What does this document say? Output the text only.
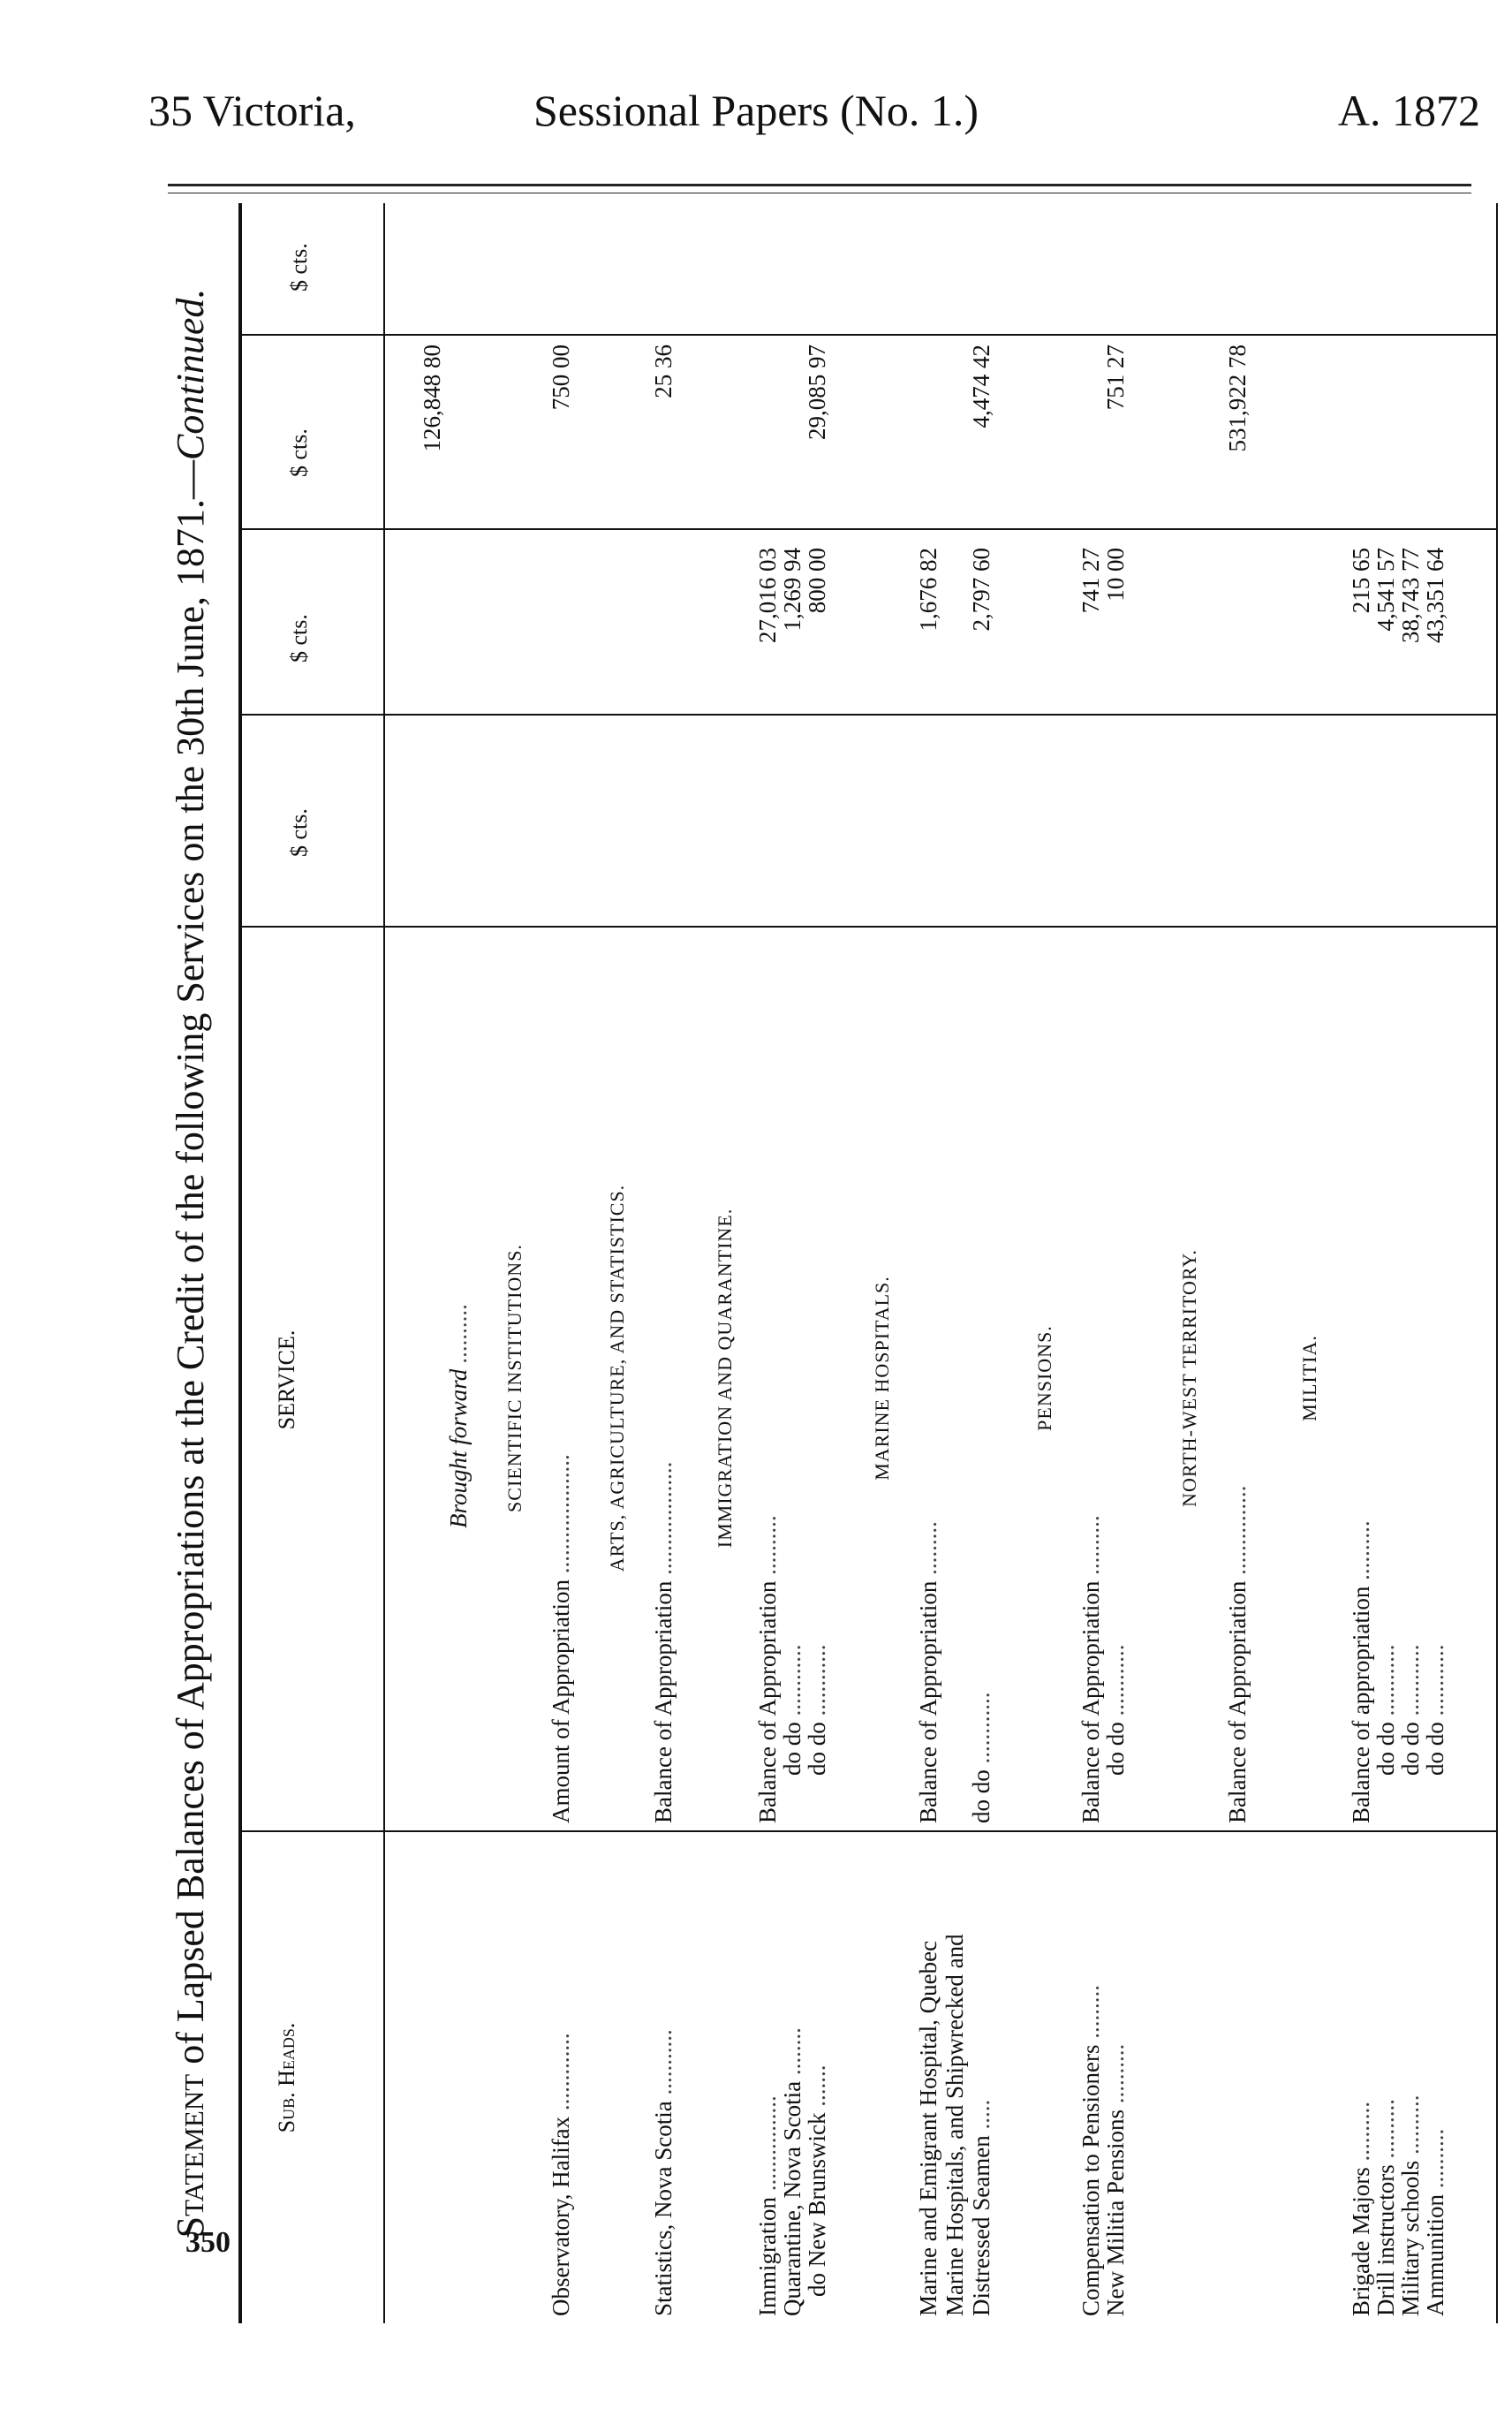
35 Victoria,	Sessional Papers (No. 1.)	A. 1872
Statement of Lapsed Balances of Appropriations at the Credit of the following Services on the 30th June, 1871.—Continued.
Sub. Heads.
SERVICE.
$ cts.
$ cts.
$ cts.
$ cts.
Brought forward ..........
126,848 80
SCIENTIFIC INSTITUTIONS.
Observatory, Halifax .............
Amount of Appropriation ....................
750 00
ARTS, AGRICULTURE, AND STATISTICS.
Statistics, Nova Scotia ...........
Balance of Appropriation ...................
25 36
IMMIGRATION AND QUARANTINE.
Immigration ................
Balance of Appropriation ..........
27,016 03
Quarantine, Nova Scotia ........
do do ............
1,269 94
do New Brunswick .......
do do ............
800 00
29,085 97
MARINE HOSPITALS.
Marine and Emigrant Hospital, Quebec
Balance of Appropriation .........
1,676 82
Marine Hospitals, and Shipwrecked and Distressed Seamen .....
do do ............
2,797 60
4,474 42
PENSIONS.
Compensation to Pensioners .........
Balance of Appropriation ..........
741 27
New Militia Pensions ..........
do do ............
10 00
751 27
NORTH-WEST TERRITORY.
Balance of Appropriation ...............
531,922 78
MILITIA.
Brigade Majors ..........
Balance of appropriation ..........
215 65
Drill instructors ..........
do do ............
4,541 57
Military schools ..........
do do ............
38,743 77
Ammunition ..........
do do ............
43,351 64
350
